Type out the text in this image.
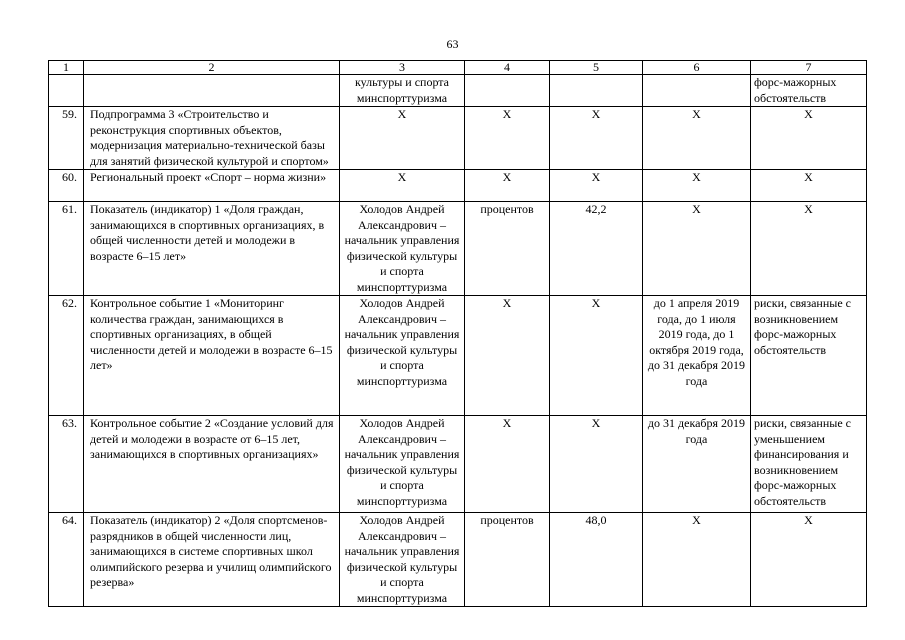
63
1	2	3	4	5	6	7
		культуры и спорта минспорттуризма				форс-мажорных обстоятельств
59.	Подпрограмма 3 «Строительство и реконструкция спортивных объектов, модернизация материально-технической базы для занятий физической культурой и спортом»	Х	Х	Х	Х	Х
60.	Региональный проект «Спорт – норма жизни»	Х	Х	Х	Х	Х
61.	Показатель (индикатор) 1 «Доля граждан, занимающихся в спортивных организациях, в общей численности детей и молодежи в возрасте 6–15 лет»	Холодов Андрей Александрович – начальник управления физической культуры и спорта минспорттуризма	процентов	42,2	Х	Х
62.	Контрольное событие 1 «Мониторинг количества граждан, занимающихся в спортивных организациях, в общей численности детей и молодежи в возрасте 6–15 лет»	Холодов Андрей Александрович – начальник управления физической культуры и спорта минспорттуризма	Х	Х	до 1 апреля 2019 года, до 1 июля 2019 года, до 1 октября 2019 года, до 31 декабря 2019 года	риски, связанные с возникновением форс-мажорных обстоятельств
63.	Контрольное событие 2 «Создание условий для детей и молодежи в возрасте от 6–15 лет, занимающихся в спортивных организациях»	Холодов Андрей Александрович – начальник управления физической культуры и спорта минспорттуризма	Х	Х	до 31 декабря 2019 года	риски, связанные с уменьшением финансирования и возникновением форс-мажорных обстоятельств
64.	Показатель (индикатор) 2 «Доля спортсменов-разрядников в общей численности лиц, занимающихся в системе спортивных школ олимпийского резерва и училищ олимпийского резерва»	Холодов Андрей Александрович – начальник управления физической культуры и спорта минспорттуризма	процентов	48,0	Х	Х
